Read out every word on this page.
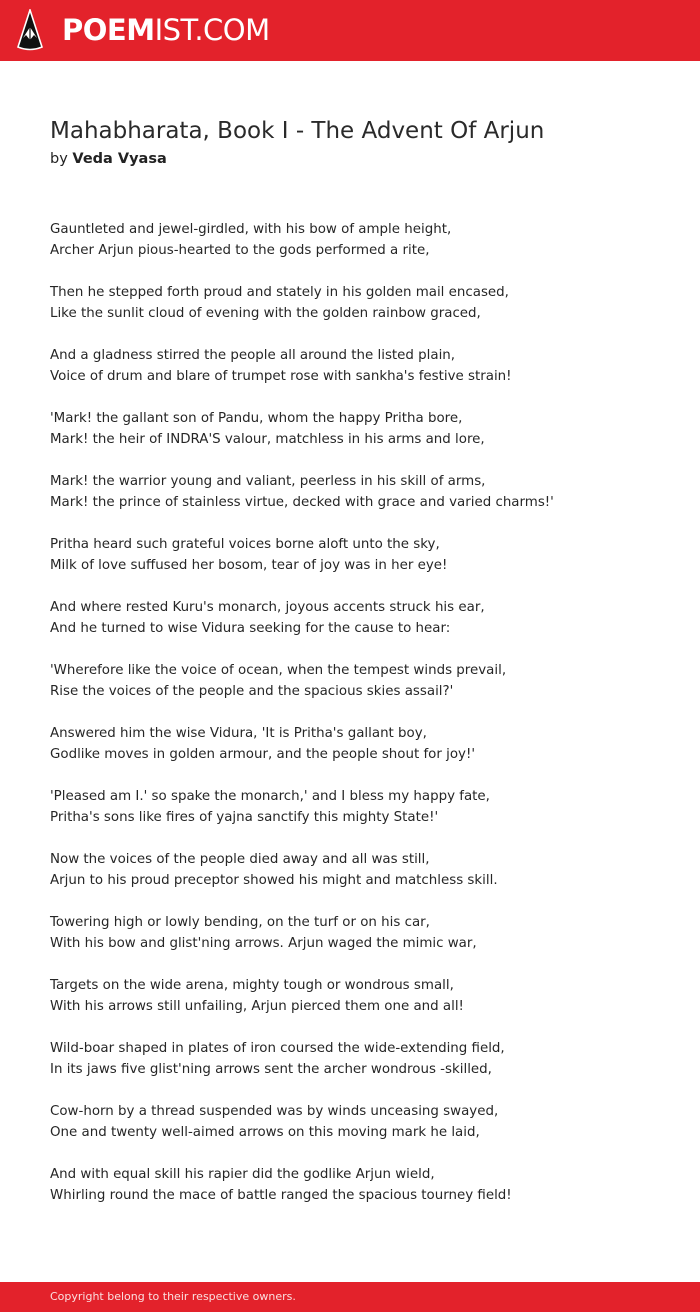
POEMIST.COM
Mahabharata, Book I - The Advent Of Arjun
by Veda Vyasa
Gauntleted and jewel-girdled, with his bow of ample height,
Archer Arjun pious-hearted to the gods performed a rite,
Then he stepped forth proud and stately in his golden mail encased,
Like the sunlit cloud of evening with the golden rainbow graced,
And a gladness stirred the people all around the listed plain,
Voice of drum and blare of trumpet rose with sankha's festive strain!
'Mark! the gallant son of Pandu, whom the happy Pritha bore,
Mark! the heir of INDRA'S valour, matchless in his arms and lore,
Mark! the warrior young and valiant, peerless in his skill of arms,
Mark! the prince of stainless virtue, decked with grace and varied charms!'
Pritha heard such grateful voices borne aloft unto the sky,
Milk of love suffused her bosom, tear of joy was in her eye!
And where rested Kuru's monarch, joyous accents struck his ear,
And he turned to wise Vidura seeking for the cause to hear:
'Wherefore like the voice of ocean, when the tempest winds prevail,
Rise the voices of the people and the spacious skies assail?'
Answered him the wise Vidura, 'It is Pritha's gallant boy,
Godlike moves in golden armour, and the people shout for joy!'
'Pleased am I.' so spake the monarch,' and I bless my happy fate,
Pritha's sons like fires of yajna sanctify this mighty State!'
Now the voices of the people died away and all was still,
Arjun to his proud preceptor showed his might and matchless skill.
Towering high or lowly bending, on the turf or on his car,
With his bow and glist'ning arrows. Arjun waged the mimic war,
Targets on the wide arena, mighty tough or wondrous small,
With his arrows still unfailing, Arjun pierced them one and all!
Wild-boar shaped in plates of iron coursed the wide-extending field,
In its jaws five glist'ning arrows sent the archer wondrous -skilled,
Cow-horn by a thread suspended was by winds unceasing swayed,
One and twenty well-aimed arrows on this moving mark he laid,
And with equal skill his rapier did the godlike Arjun wield,
Whirling round the mace of battle ranged the spacious tourney field!
Copyright belong to their respective owners.
